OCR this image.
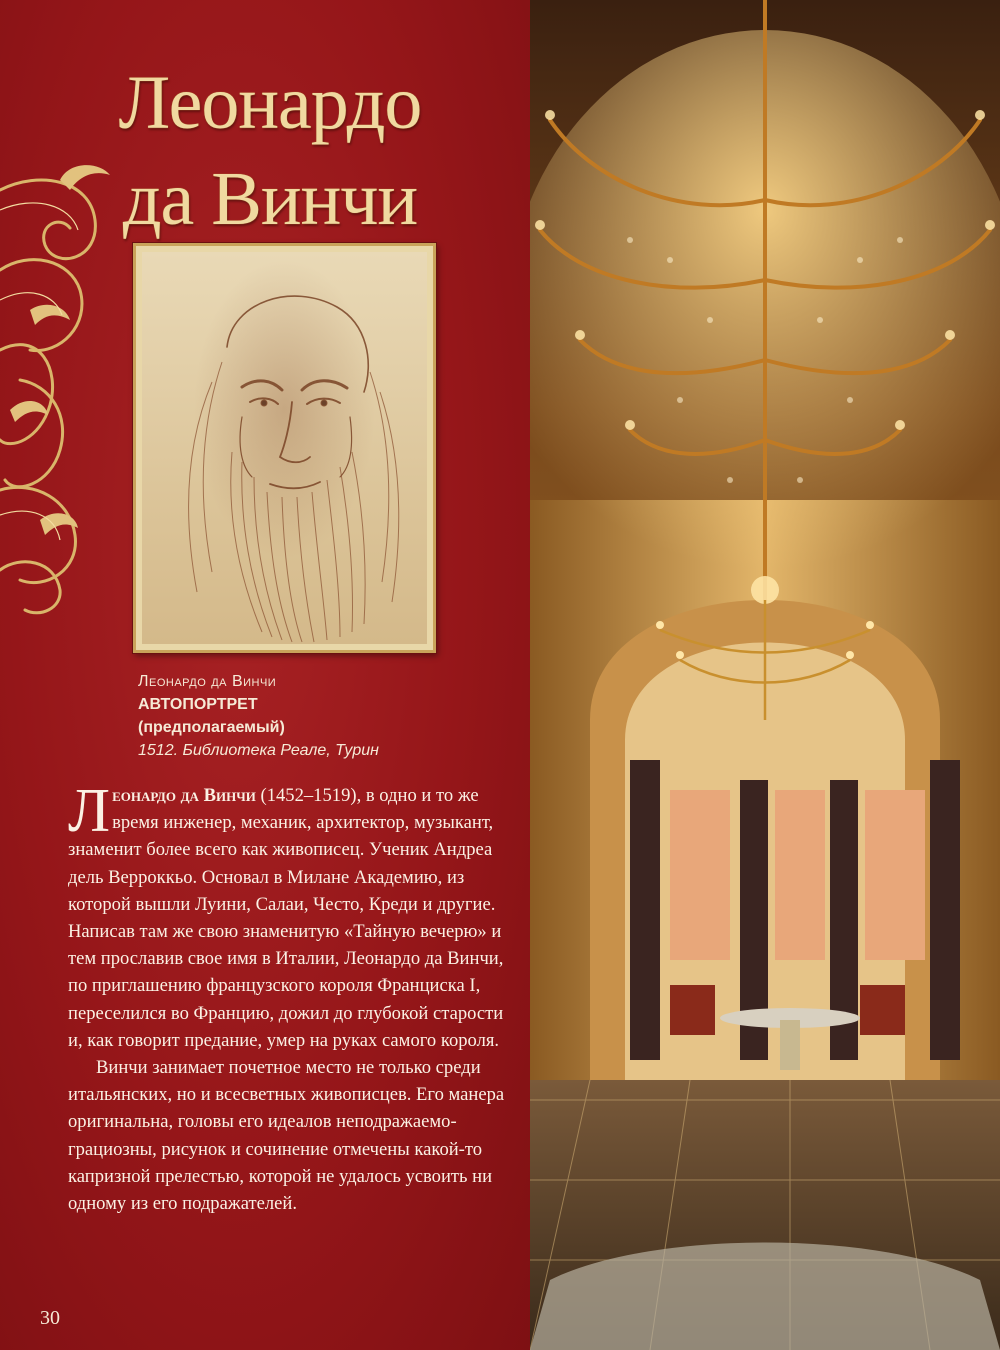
Леонардо
да Винчи
Леонардо да Винчи
АВТОПОРТРЕТ
(предполагаемый)
1512. Библиотека Реале, Турин

Леонардо да Винчи (1452–1519), в одно и то же время инженер, механик, архитектор, музыкант, знаменит более всего как живописец. Ученик Андреа дель Верроккьо. Основал в Милане Академию, из которой вышли Луини, Салаи, Често, Креди и другие. Написав там же свою знаменитую «Тайную вечерю» и тем прославив свое имя в Италии, Леонардо да Винчи, по приглашению французского короля Франциска I, переселился во Францию, дожил до глубокой старости и, как говорит предание, умер на руках самого короля.

Винчи занимает почетное место не только среди итальянских, но и всесветных живописцев. Его манера оригинальна, головы его идеалов неподражаемо-грациозны, рисунок и сочинение отмечены какой-то капризной прелестью, которой не удалось усвоить ни одному из его подражателей.

30
